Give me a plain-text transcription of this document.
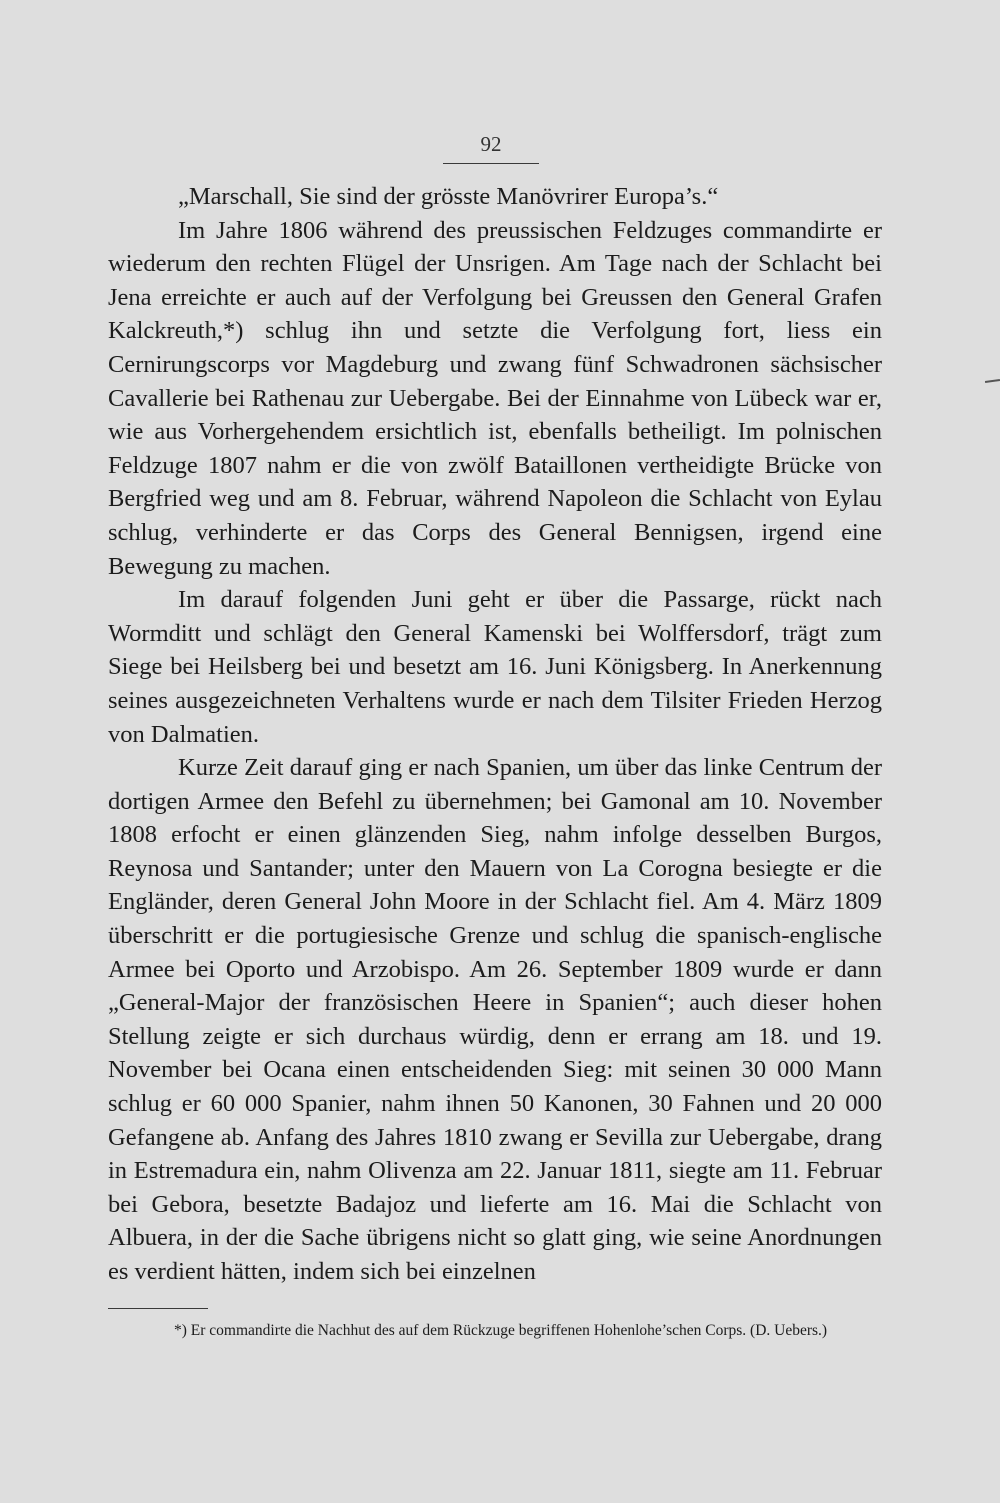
92

„Marschall, Sie sind der grösste Manövrirer Europa’s.“

Im Jahre 1806 während des preussischen Feldzuges commandirte er wiederum den rechten Flügel der Unsrigen. Am Tage nach der Schlacht bei Jena erreichte er auch auf der Verfolgung bei Greussen den General Grafen Kalckreuth,*) schlug ihn und setzte die Verfolgung fort, liess ein Cernirungscorps vor Magdeburg und zwang fünf Schwadronen sächsischer Cavallerie bei Rathenau zur Uebergabe. Bei der Einnahme von Lübeck war er, wie aus Vorhergehendem ersichtlich ist, ebenfalls betheiligt. Im polnischen Feldzuge 1807 nahm er die von zwölf Bataillonen vertheidigte Brücke von Bergfried weg und am 8. Februar, während Napoleon die Schlacht von Eylau schlug, verhinderte er das Corps des General Bennigsen, irgend eine Bewegung zu machen.

Im darauf folgenden Juni geht er über die Passarge, rückt nach Wormditt und schlägt den General Kamenski bei Wolffersdorf, trägt zum Siege bei Heilsberg bei und besetzt am 16. Juni Königsberg. In Anerkennung seines ausgezeichneten Verhaltens wurde er nach dem Tilsiter Frieden Herzog von Dalmatien.

Kurze Zeit darauf ging er nach Spanien, um über das linke Centrum der dortigen Armee den Befehl zu übernehmen; bei Gamonal am 10. November 1808 erfocht er einen glänzenden Sieg, nahm infolge desselben Burgos, Reynosa und Santander; unter den Mauern von La Corogna besiegte er die Engländer, deren General John Moore in der Schlacht fiel. Am 4. März 1809 überschritt er die portugiesische Grenze und schlug die spanisch-englische Armee bei Oporto und Arzobispo. Am 26. September 1809 wurde er dann „General-Major der französischen Heere in Spanien“; auch dieser hohen Stellung zeigte er sich durchaus würdig, denn er errang am 18. und 19. November bei Ocana einen entscheidenden Sieg: mit seinen 30 000 Mann schlug er 60 000 Spanier, nahm ihnen 50 Kanonen, 30 Fahnen und 20 000 Gefangene ab. Anfang des Jahres 1810 zwang er Sevilla zur Uebergabe, drang in Estremadura ein, nahm Olivenza am 22. Januar 1811, siegte am 11. Februar bei Gebora, besetzte Badajoz und lieferte am 16. Mai die Schlacht von Albuera, in der die Sache übrigens nicht so glatt ging, wie seine Anordnungen es verdient hätten, indem sich bei einzelnen

*) Er commandirte die Nachhut des auf dem Rückzuge begriffenen Hohenlohe’schen Corps. (D. Uebers.)
